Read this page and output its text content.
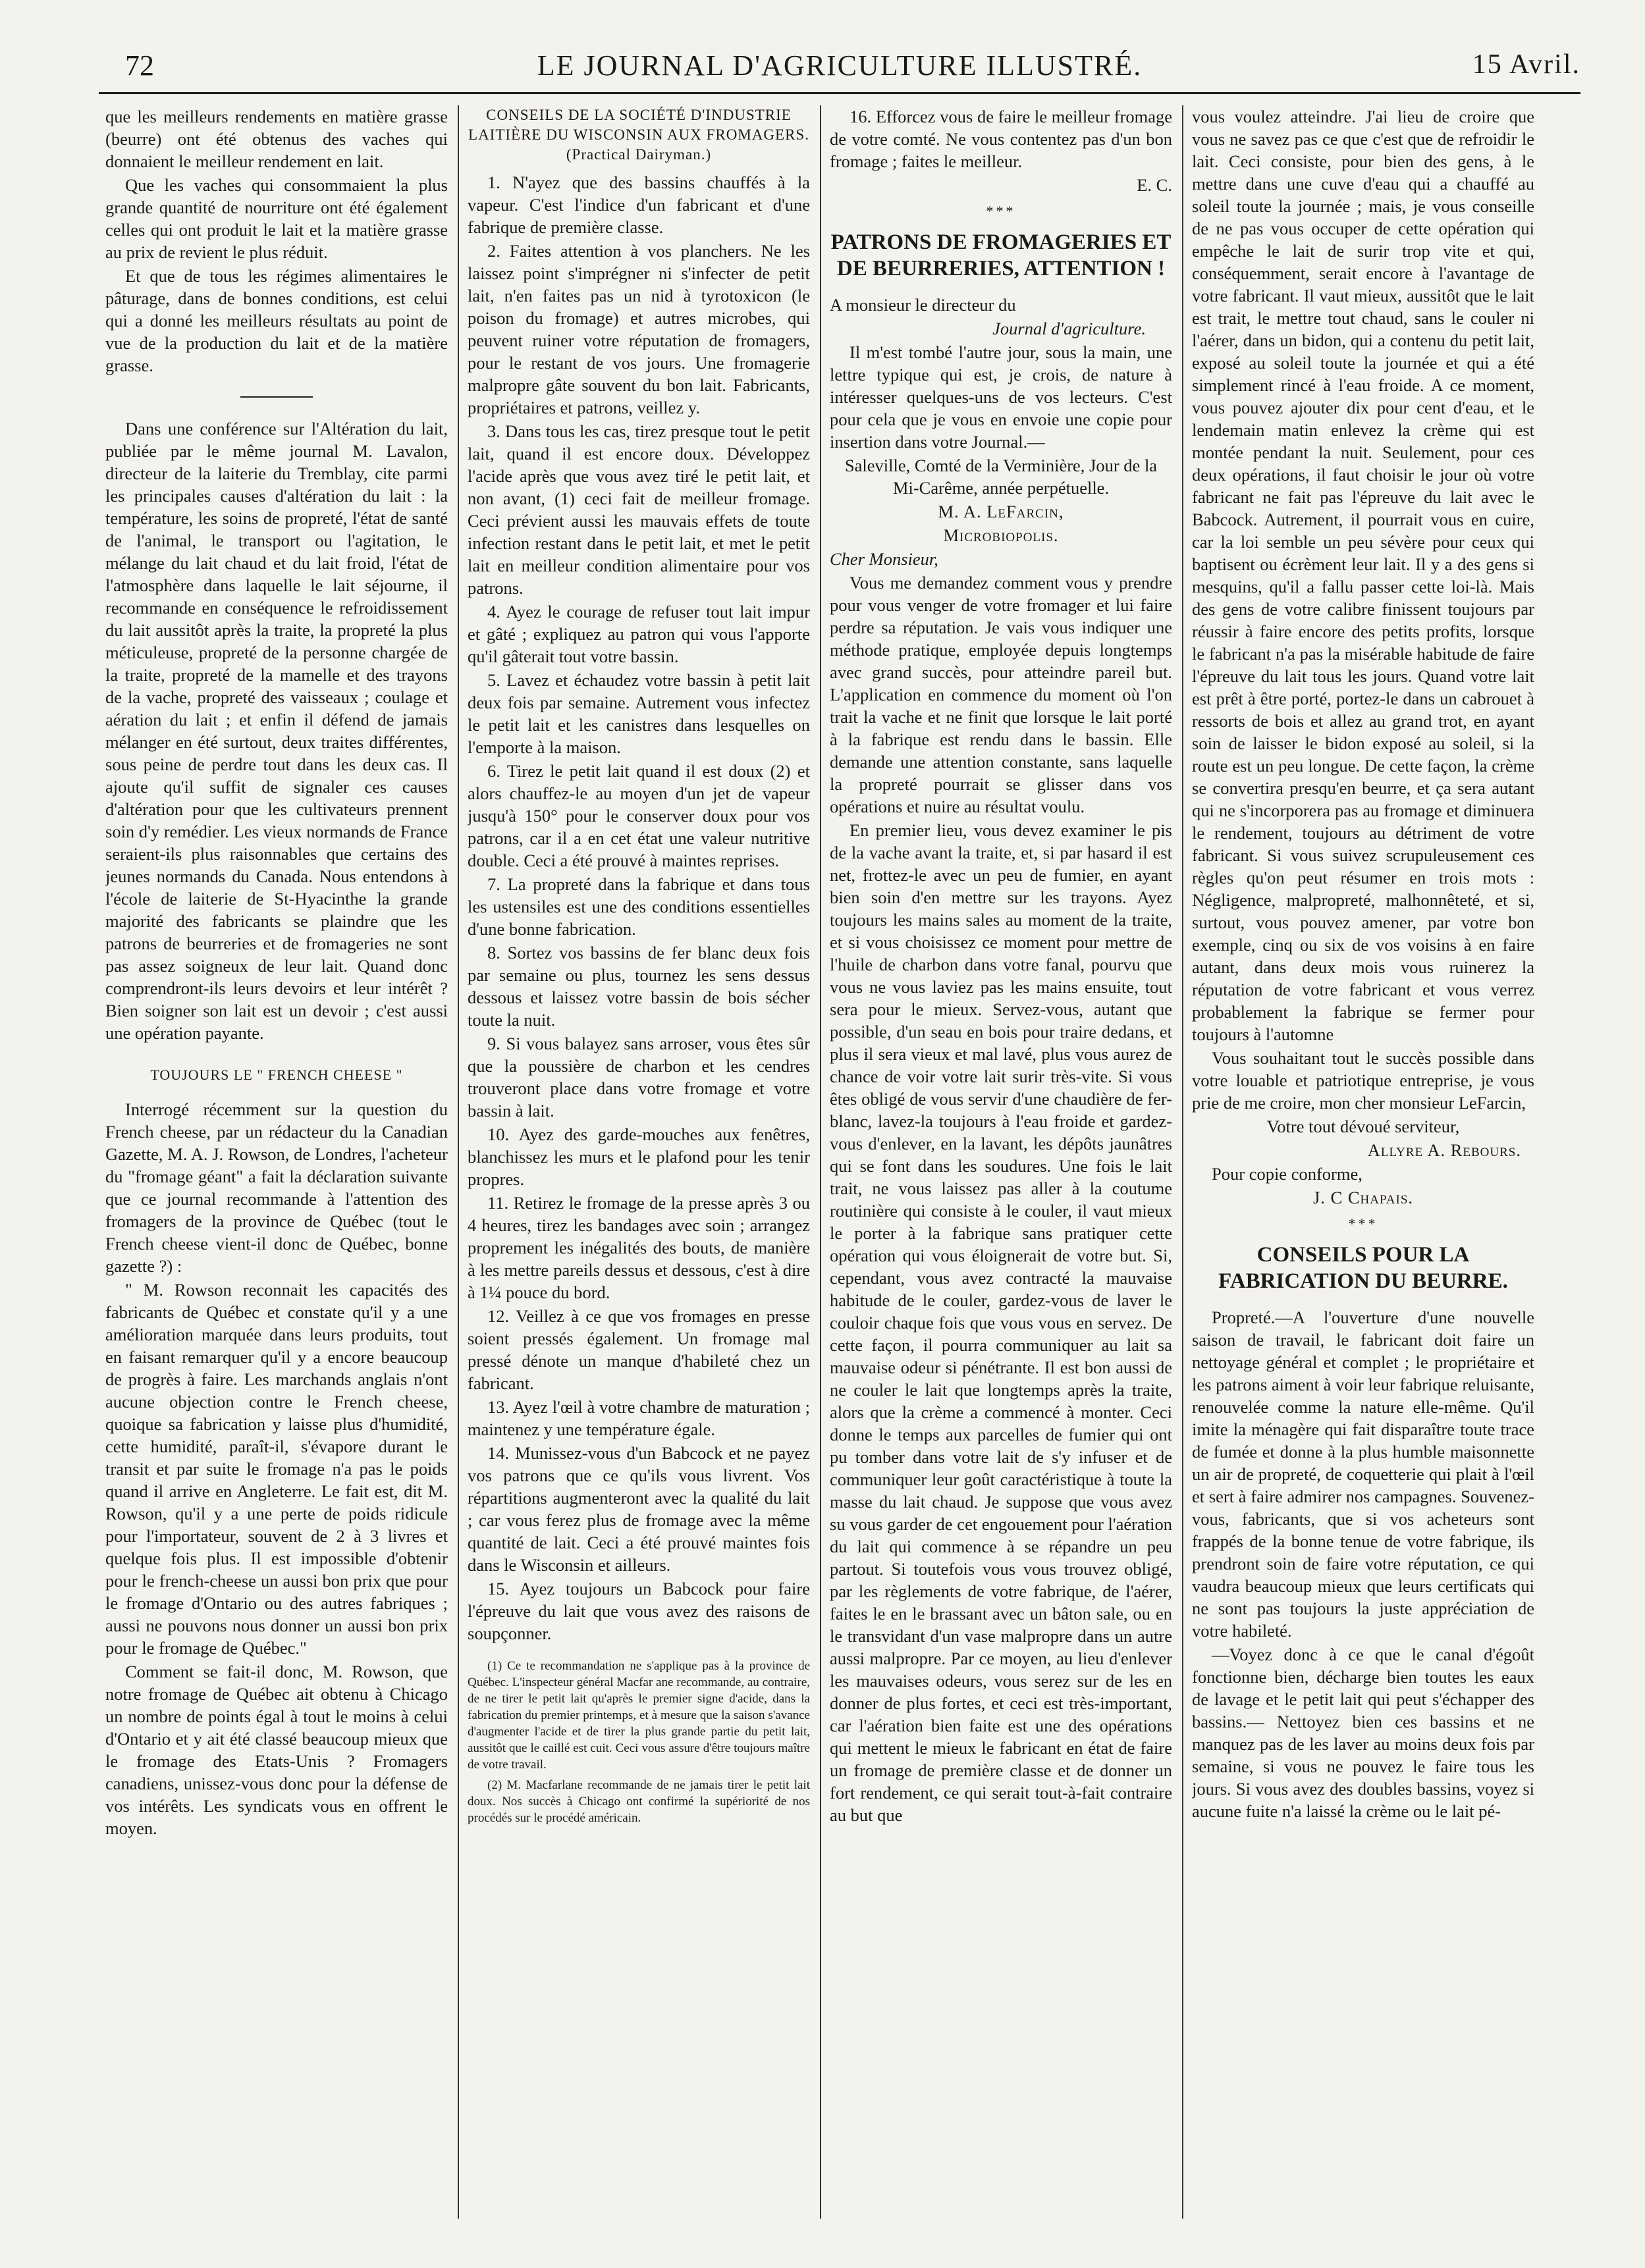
72	LE JOURNAL D'AGRICULTURE ILLUSTRÉ.	15 Avril.

que les meilleurs rendements en matière grasse (beurre) ont été obtenus des vaches qui donnaient le meilleur rendement en lait.

Que les vaches qui consommaient la plus grande quantité de nourriture ont été également celles qui ont produit le lait et la matière grasse au prix de revient le plus réduit.

Et que de tous les régimes alimentaires le pâturage, dans de bonnes conditions, est celui qui a donné les meilleurs résultats au point de vue de la production du lait et de la matière grasse.

Dans une conférence sur l'Altération du lait, publiée par le même journal M. Lavalon, directeur de la laiterie du Tremblay, cite parmi les principales causes d'altération du lait : la température, les soins de propreté, l'état de santé de l'animal, le transport ou l'agitation, le mélange du lait chaud et du lait froid, l'état de l'atmosphère dans laquelle le lait séjourne, il recommande en conséquence le refroidissement du lait aussitôt après la traite, la propreté la plus méticuleuse, propreté de la personne chargée de la traite, propreté de la mamelle et des trayons de la vache, propreté des vaisseaux ; coulage et aération du lait ; et enfin il défend de jamais mélanger en été surtout, deux traites différentes, sous peine de perdre tout dans les deux cas. Il ajoute qu'il suffit de signaler ces causes d'altération pour que les cultivateurs prennent soin d'y remédier. Les vieux normands de France seraient-ils plus raisonnables que certains des jeunes normands du Canada. Nous entendons à l'école de laiterie de St-Hyacinthe la grande majorité des fabricants se plaindre que les patrons de beurreries et de fromageries ne sont pas assez soigneux de leur lait. Quand donc comprendront-ils leurs devoirs et leur intérêt ? Bien soigner son lait est un devoir ; c'est aussi une opération payante.

TOUJOURS LE " FRENCH CHEESE "

Interrogé récemment sur la question du French cheese, par un rédacteur du la Canadian Gazette, M. A. J. Rowson, de Londres, l'acheteur du "fromage géant" a fait la déclaration suivante que ce journal recommande à l'attention des fromagers de la province de Québec (tout le French cheese vient-il donc de Québec, bonne gazette ?) :

" M. Rowson reconnait les capacités des fabricants de Québec et constate qu'il y a une amélioration marquée dans leurs produits, tout en faisant remarquer qu'il y a encore beaucoup de progrès à faire. Les marchands anglais n'ont aucune objection contre le French cheese, quoique sa fabrication y laisse plus d'humidité, cette humidité, paraît-il, s'évapore durant le transit et par suite le fromage n'a pas le poids quand il arrive en Angleterre. Le fait est, dit M. Rowson, qu'il y a une perte de poids ridicule pour l'importateur, souvent de 2 à 3 livres et quelque fois plus. Il est impossible d'obtenir pour le french-cheese un aussi bon prix que pour le fromage d'Ontario ou des autres fabriques ; aussi ne pouvons nous donner un aussi bon prix pour le fromage de Québec."

Comment se fait-il donc, M. Rowson, que notre fromage de Québec ait obtenu à Chicago un nombre de points égal à tout le moins à celui d'Ontario et y ait été classé beaucoup mieux que le fromage des Etats-Unis ? Fromagers canadiens, unissez-vous donc pour la défense de vos intérêts. Les syndicats vous en offrent le moyen.

CONSEILS DE LA SOCIÉTÉ D'INDUSTRIE LAITIÈRE DU WISCONSIN AUX FROMAGERS. (Practical Dairyman.)

1. N'ayez que des bassins chauffés à la vapeur. C'est l'indice d'un fabricant et d'une fabrique de première classe.

2. Faites attention à vos planchers. Ne les laissez point s'imprégner ni s'infecter de petit lait, n'en faites pas un nid à tyrotoxicon (le poison du fromage) et autres microbes, qui peuvent ruiner votre réputation de fromagers, pour le restant de vos jours. Une fromagerie malpropre gâte souvent du bon lait. Fabricants, propriétaires et patrons, veillez y.

3. Dans tous les cas, tirez presque tout le petit lait, quand il est encore doux. Développez l'acide après que vous avez tiré le petit lait, et non avant, (1) ceci fait de meilleur fromage. Ceci prévient aussi les mauvais effets de toute infection restant dans le petit lait, et met le petit lait en meilleur condition alimentaire pour vos patrons.

4. Ayez le courage de refuser tout lait impur et gâté ; expliquez au patron qui vous l'apporte qu'il gâterait tout votre bassin.

5. Lavez et échaudez votre bassin à petit lait deux fois par semaine. Autrement vous infectez le petit lait et les canistres dans lesquelles on l'emporte à la maison.

6. Tirez le petit lait quand il est doux (2) et alors chauffez-le au moyen d'un jet de vapeur jusqu'à 150° pour le conserver doux pour vos patrons, car il a en cet état une valeur nutritive double. Ceci a été prouvé à maintes reprises.

7. La propreté dans la fabrique et dans tous les ustensiles est une des conditions essentielles d'une bonne fabrication.

8. Sortez vos bassins de fer blanc deux fois par semaine ou plus, tournez les sens dessus dessous et laissez votre bassin de bois sécher toute la nuit.

9. Si vous balayez sans arroser, vous êtes sûr que la poussière de charbon et les cendres trouveront place dans votre fromage et votre bassin à lait.

10. Ayez des garde-mouches aux fenêtres, blanchissez les murs et le plafond pour les tenir propres.

11. Retirez le fromage de la presse après 3 ou 4 heures, tirez les bandages avec soin ; arrangez proprement les inégalités des bouts, de manière à les mettre pareils dessus et dessous, c'est à dire à 1¼ pouce du bord.

12. Veillez à ce que vos fromages en presse soient pressés également. Un fromage mal pressé dénote un manque d'habileté chez un fabricant.

13. Ayez l'œil à votre chambre de maturation ; maintenez y une température égale.

14. Munissez-vous d'un Babcock et ne payez vos patrons que ce qu'ils vous livrent. Vos répartitions augmenteront avec la qualité du lait ; car vous ferez plus de fromage avec la même quantité de lait. Ceci a été prouvé maintes fois dans le Wisconsin et ailleurs.

15. Ayez toujours un Babcock pour faire l'épreuve du lait que vous avez des raisons de soupçonner.

(1) Ce te recommandation ne s'applique pas à la province de Québec. L'inspecteur général Macfar ane recommande, au contraire, de ne tirer le petit lait qu'après le premier signe d'acide, dans la fabrication du premier printemps, et à mesure que la saison s'avance d'augmenter l'acide et de tirer la plus grande partie du petit lait, aussitôt que le caillé est cuit. Ceci vous assure d'être toujours maître de votre travail.

(2) M. Macfarlane recommande de ne jamais tirer le petit lait doux. Nos succès à Chicago ont confirmé la supériorité de nos procédés sur le procédé américain.

16. Efforcez vous de faire le meilleur fromage de votre comté. Ne vous contentez pas d'un bon fromage ; faites le meilleur.

E. C.

***
PATRONS DE FROMAGERIES ET DE BEURRERIES, ATTENTION !

A monsieur le directeur du

Journal d'agriculture.

Il m'est tombé l'autre jour, sous la main, une lettre typique qui est, je crois, de nature à intéresser quelques-uns de vos lecteurs. C'est pour cela que je vous en envoie une copie pour insertion dans votre Journal.—

Saleville, Comté de la Verminière, Jour de la Mi-Carême, année perpétuelle.

M. A. LeFarcin,

Microbiopolis.

Cher Monsieur,

Vous me demandez comment vous y prendre pour vous venger de votre fromager et lui faire perdre sa réputation. Je vais vous indiquer une méthode pratique, employée depuis longtemps avec grand succès, pour atteindre pareil but. L'application en commence du moment où l'on trait la vache et ne finit que lorsque le lait porté à la fabrique est rendu dans le bassin. Elle demande une attention constante, sans laquelle la propreté pourrait se glisser dans vos opérations et nuire au résultat voulu.

En premier lieu, vous devez examiner le pis de la vache avant la traite, et, si par hasard il est net, frottez-le avec un peu de fumier, en ayant bien soin d'en mettre sur les trayons. Ayez toujours les mains sales au moment de la traite, et si vous choisissez ce moment pour mettre de l'huile de charbon dans votre fanal, pourvu que vous ne vous laviez pas les mains ensuite, tout sera pour le mieux. Servez-vous, autant que possible, d'un seau en bois pour traire dedans, et plus il sera vieux et mal lavé, plus vous aurez de chance de voir votre lait surir très-vite. Si vous êtes obligé de vous servir d'une chaudière de fer-blanc, lavez-la toujours à l'eau froide et gardez-vous d'enlever, en la lavant, les dépôts jaunâtres qui se font dans les soudures. Une fois le lait trait, ne vous laissez pas aller à la coutume routinière qui consiste à le couler, il vaut mieux le porter à la fabrique sans pratiquer cette opération qui vous éloignerait de votre but. Si, cependant, vous avez contracté la mauvaise habitude de le couler, gardez-vous de laver le couloir chaque fois que vous vous en servez. De cette façon, il pourra communiquer au lait sa mauvaise odeur si pénétrante. Il est bon aussi de ne couler le lait que longtemps après la traite, alors que la crème a commencé à monter. Ceci donne le temps aux parcelles de fumier qui ont pu tomber dans votre lait de s'y infuser et de communiquer leur goût caractéristique à toute la masse du lait chaud. Je suppose que vous avez su vous garder de cet engouement pour l'aération du lait qui commence à se répandre un peu partout. Si toutefois vous vous trouvez obligé, par les règlements de votre fabrique, de l'aérer, faites le en le brassant avec un bâton sale, ou en le transvidant d'un vase malpropre dans un autre aussi malpropre. Par ce moyen, au lieu d'enlever les mauvaises odeurs, vous serez sur de les en donner de plus fortes, et ceci est très-important, car l'aération bien faite est une des opérations qui mettent le mieux le fabricant en état de faire un fromage de première classe et de donner un fort rendement, ce qui serait tout-à-fait contraire au but que

vous voulez atteindre. J'ai lieu de croire que vous ne savez pas ce que c'est que de refroidir le lait. Ceci consiste, pour bien des gens, à le mettre dans une cuve d'eau qui a chauffé au soleil toute la journée ; mais, je vous conseille de ne pas vous occuper de cette opération qui empêche le lait de surir trop vite et qui, conséquemment, serait encore à l'avantage de votre fabricant. Il vaut mieux, aussitôt que le lait est trait, le mettre tout chaud, sans le couler ni l'aérer, dans un bidon, qui a contenu du petit lait, exposé au soleil toute la journée et qui a été simplement rincé à l'eau froide. A ce moment, vous pouvez ajouter dix pour cent d'eau, et le lendemain matin enlevez la crème qui est montée pendant la nuit. Seulement, pour ces deux opérations, il faut choisir le jour où votre fabricant ne fait pas l'épreuve du lait avec le Babcock. Autrement, il pourrait vous en cuire, car la loi semble un peu sévère pour ceux qui baptisent ou écrèment leur lait. Il y a des gens si mesquins, qu'il a fallu passer cette loi-là. Mais des gens de votre calibre finissent toujours par réussir à faire encore des petits profits, lorsque le fabricant n'a pas la misérable habitude de faire l'épreuve du lait tous les jours. Quand votre lait est prêt à être porté, portez-le dans un cabrouet à ressorts de bois et allez au grand trot, en ayant soin de laisser le bidon exposé au soleil, si la route est un peu longue. De cette façon, la crème se convertira presqu'en beurre, et ça sera autant qui ne s'incorporera pas au fromage et diminuera le rendement, toujours au détriment de votre fabricant. Si vous suivez scrupuleusement ces règles qu'on peut résumer en trois mots : Négligence, malpropreté, malhonnêteté, et si, surtout, vous pouvez amener, par votre bon exemple, cinq ou six de vos voisins à en faire autant, dans deux mois vous ruinerez la réputation de votre fabricant et vous verrez probablement la fabrique se fermer pour toujours à l'automne

Vous souhaitant tout le succès possible dans votre louable et patriotique entreprise, je vous prie de me croire, mon cher monsieur LeFarcin,

Votre tout dévoué serviteur,

Allyre A. Rebours.

Pour copie conforme,

J. C Chapais.

***
CONSEILS POUR LA FABRICATION DU BEURRE.

Propreté.—A l'ouverture d'une nouvelle saison de travail, le fabricant doit faire un nettoyage général et complet ; le propriétaire et les patrons aiment à voir leur fabrique reluisante, renouvelée comme la nature elle-même. Qu'il imite la ménagère qui fait disparaître toute trace de fumée et donne à la plus humble maisonnette un air de propreté, de coquetterie qui plait à l'œil et sert à faire admirer nos campagnes. Souvenez-vous, fabricants, que si vos acheteurs sont frappés de la bonne tenue de votre fabrique, ils prendront soin de faire votre réputation, ce qui vaudra beaucoup mieux que leurs certificats qui ne sont pas toujours la juste appréciation de votre habileté.

—Voyez donc à ce que le canal d'égoût fonctionne bien, décharge bien toutes les eaux de lavage et le petit lait qui peut s'échapper des bassins.— Nettoyez bien ces bassins et ne manquez pas de les laver au moins deux fois par semaine, si vous ne pouvez le faire tous les jours. Si vous avez des doubles bassins, voyez si aucune fuite n'a laissé la crème ou le lait pé-
